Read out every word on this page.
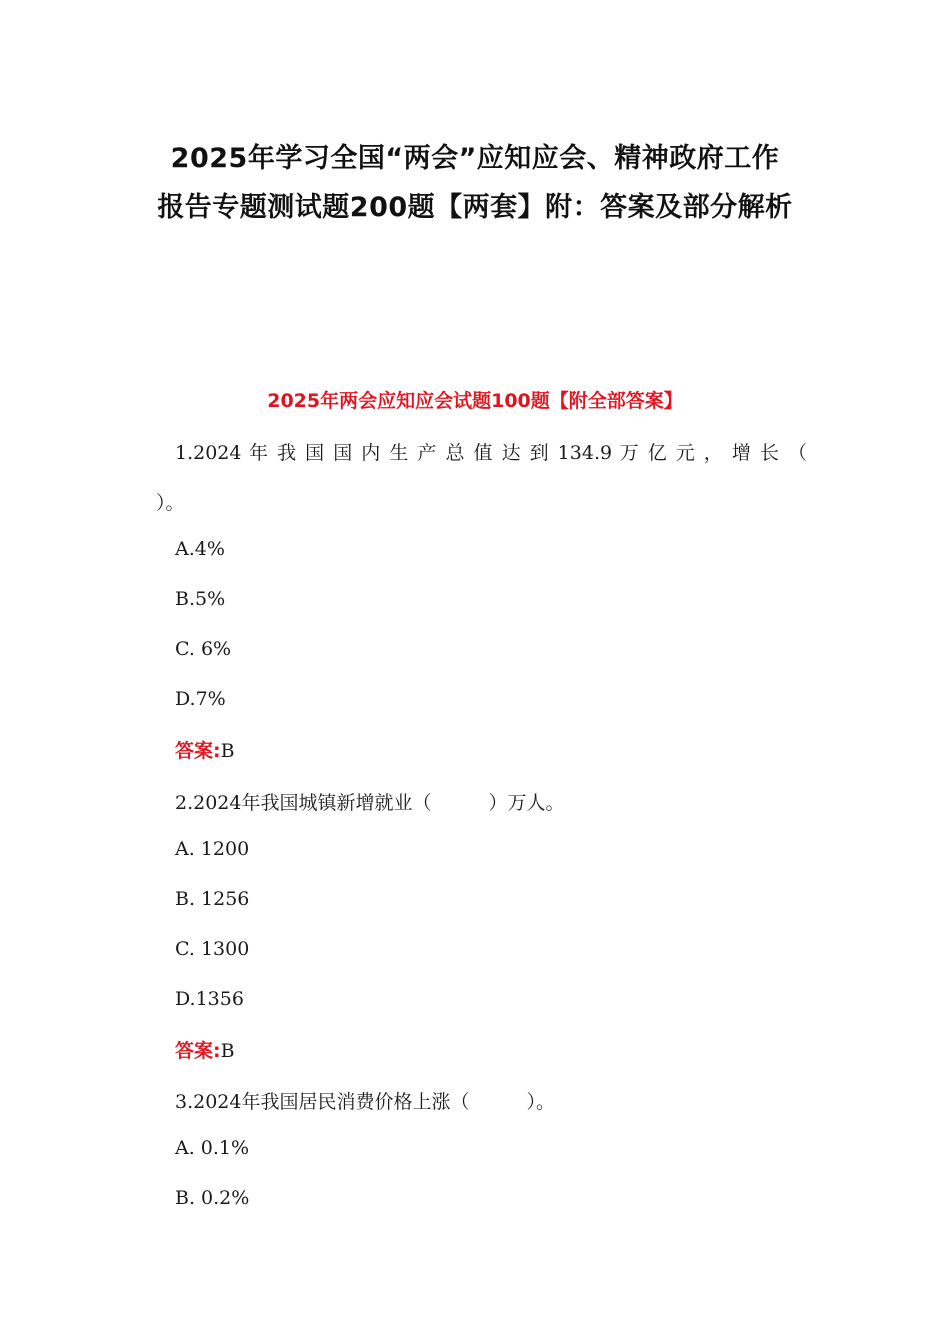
2025年学习全国“两会”应知应会、精神政府工作
报告专题测试题200题【两套】附：答案及部分解析
2025年两会应知应会试题100题【附全部答案】
1.2024 年 我 国 国 内 生 产 总 值 达 到 134.9 万 亿 元 ， 增 长 （
）。
A.4%
B.5%
C. 6%
D.7%
答案:B
2.2024年我国城镇新增就业（　　　）万人。
A. 1200
B. 1256
C. 1300
D.1356
答案:B
3.2024年我国居民消费价格上涨（　　　）。
A. 0.1%
B. 0.2%
